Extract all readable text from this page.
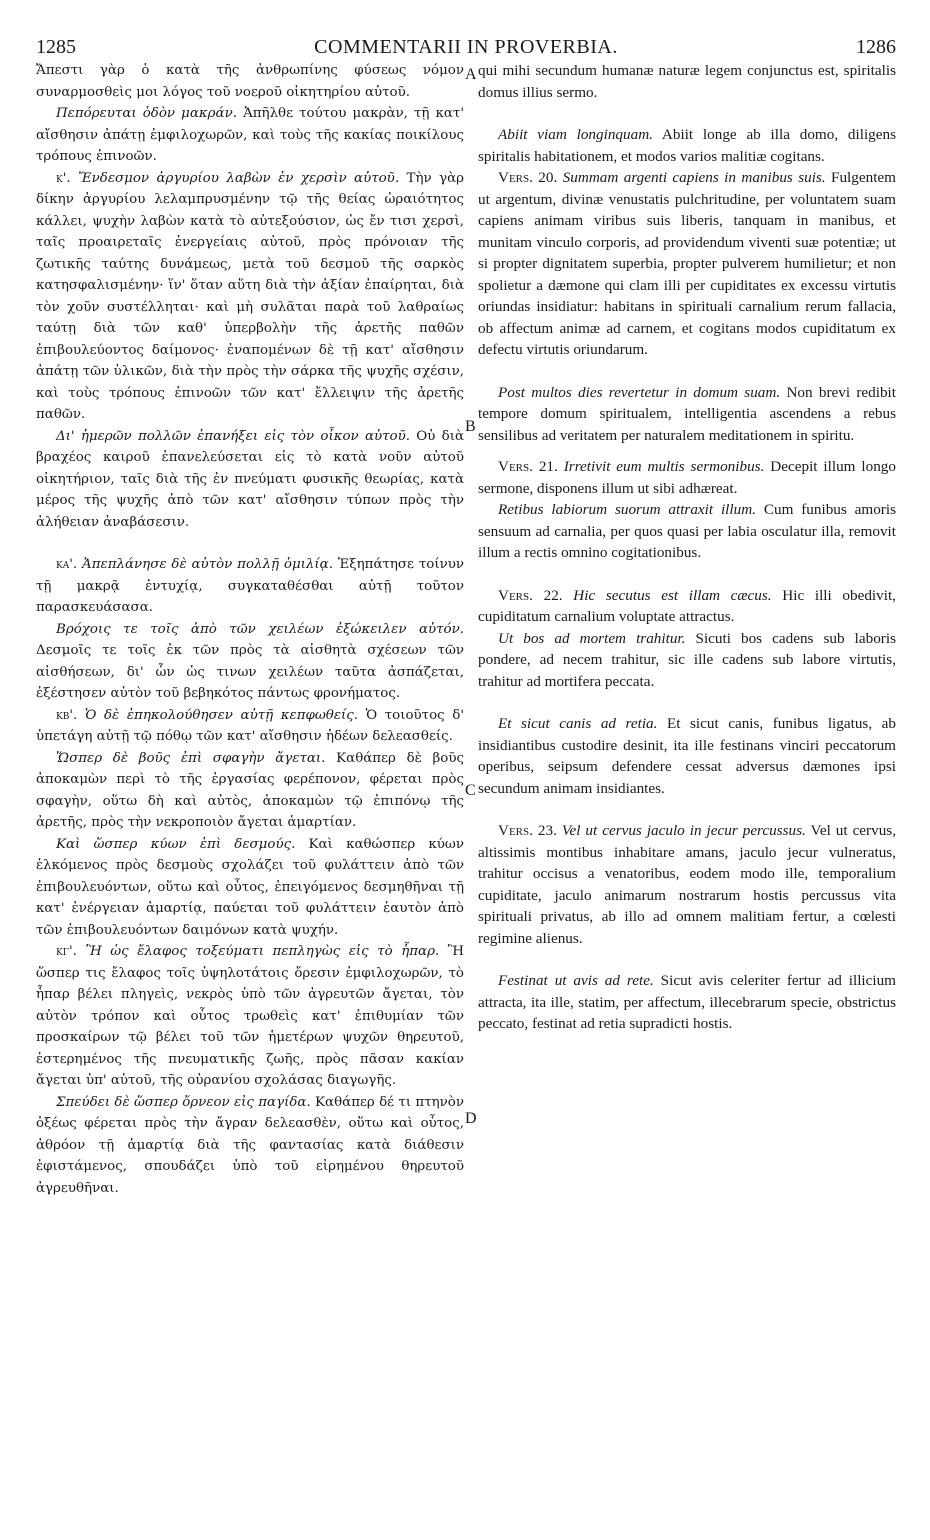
1285	COMMENTARII IN PROVERBIA.	1286

Ἄπεστι γὰρ ὁ κατὰ τῆς ἀνθρωπίνης φύσεως νόμον συναρμοσθεὶς μοι λόγος τοῦ νοεροῦ οἰκητηρίου αὐτοῦ.

Πεπόρευται ὁδὸν μακράν. Ἀπῆλθε τούτου μακρὰν, τῇ κατ' αἴσθησιν ἀπάτῃ ἐμφιλοχωρῶν, καὶ τοὺς τῆς κακίας ποικίλους τρόπους ἐπινοῶν.

κ'. Ἔνδεσμον ἀργυρίου λαβὼν ἐν χερσὶν αὐτοῦ. Τὴν γὰρ δίκην ἀργυρίου λελαμπρυσμένην τῷ τῆς θείας ὡραιότητος κάλλει, ψυχὴν λαβὼν κατὰ τὸ αὐτεξούσιον, ὡς ἔν τισι χερσὶ, ταῖς προαιρεταῖς ἐνεργείαις αὐτοῦ, πρὸς πρόνοιαν τῆς ζωτικῆς ταύτης δυνάμεως, μετὰ τοῦ δεσμοῦ τῆς σαρκὸς κατησφαλισμένην· ἵν' ὅταν αὕτη διὰ τὴν ἀξίαν ἐπαίρηται, διὰ τὸν χοῦν συστέλληται· καὶ μὴ συλᾶται παρὰ τοῦ λαθραίως ταύτῃ διὰ τῶν καθ' ὑπερβολὴν τῆς ἀρετῆς παθῶν ἐπιβουλεύοντος δαίμονος· ἐναπομένων δὲ τῇ κατ' αἴσθησιν ἀπάτῃ τῶν ὑλικῶν, διὰ τὴν πρὸς τὴν σάρκα τῆς ψυχῆς σχέσιν, καὶ τοὺς τρόπους ἐπινοῶν τῶν κατ' ἔλλειψιν τῆς ἀρετῆς παθῶν.

Δι' ἡμερῶν πολλῶν ἐπανήξει εἰς τὸν οἶκον αὐτοῦ. Οὐ διὰ βραχέος καιροῦ ἐπανελεύσεται εἰς τὸ κατὰ νοῦν αὐτοῦ οἰκητήριον, ταῖς διὰ τῆς ἐν πνεύματι φυσικῆς θεωρίας, κατὰ μέρος τῆς ψυχῆς ἀπὸ τῶν κατ' αἴσθησιν τύπων πρὸς τὴν ἀλήθειαν ἀναβάσεσιν.

κα'. Ἀπεπλάνησε δὲ αὐτὸν πολλῇ ὁμιλίᾳ. Ἐξηπάτησε τοίνυν τῇ μακρᾷ ἐντυχίᾳ, συγκαταθέσθαι αὐτῇ τοῦτον παρασκευάσασα.

Βρόχοις τε τοῖς ἀπὸ τῶν χειλέων ἐξώκειλεν αὐτόν. Δεσμοῖς τε τοῖς ἐκ τῶν πρὸς τὰ αἰσθητὰ σχέσεων τῶν αἰσθήσεων, δι' ὧν ὡς τινων χειλέων ταῦτα ἀσπάζεται, ἐξέστησεν αὐτὸν τοῦ βεβηκότος πάντως φρονήματος.

κβ'. Ὁ δὲ ἐπηκολούθησεν αὐτῇ κεπφωθείς. Ὁ τοιοῦτος δ' ὑπετάγη αὐτῇ τῷ πόθῳ τῶν κατ' αἴσθησιν ἡδέων δελεασθείς.

Ὥσπερ δὲ βοῦς ἐπὶ σφαγὴν ἄγεται. Καθάπερ δὲ βοῦς ἀποκαμὼν περὶ τὸ τῆς ἐργασίας φερέπονον, φέρεται πρὸς σφαγὴν, οὕτω δὴ καὶ αὐτὸς, ἀποκαμὼν τῷ ἐπιπόνῳ τῆς ἀρετῆς, πρὸς τὴν νεκροποιὸν ἄγεται ἁμαρτίαν.

Καὶ ὥσπερ κύων ἐπὶ δεσμούς. Καὶ καθώσπερ κύων ἑλκόμενος πρὸς δεσμοὺς σχολάζει τοῦ φυλάττειν ἀπὸ τῶν ἐπιβουλευόντων, οὕτω καὶ οὗτος, ἐπειγόμενος δεσμηθῆναι τῇ κατ' ἐνέργειαν ἁμαρτίᾳ, παύεται τοῦ φυλάττειν ἑαυτὸν ἀπὸ τῶν ἐπιβουλευόντων δαιμόνων κατὰ ψυχήν.

κγ'. Ἢ ὡς ἔλαφος τοξεύματι πεπληγὼς εἰς τὸ ἧπαρ. Ἢ ὥσπερ τις ἔλαφος τοῖς ὑψηλοτάτοις ὄρεσιν ἐμφιλοχωρῶν, τὸ ἧπαρ βέλει πληγεὶς, νεκρὸς ὑπὸ τῶν ἀγρευτῶν ἄγεται, τὸν αὐτὸν τρόπον καὶ οὗτος τρωθεὶς κατ' ἐπιθυμίαν τῶν προσκαίρων τῷ βέλει τοῦ τῶν ἡμετέρων ψυχῶν θηρευτοῦ, ἐστερημένος τῆς πνευματικῆς ζωῆς, πρὸς πᾶσαν κακίαν ἄγεται ὑπ' αὐτοῦ, τῆς οὐρανίου σχολάσας διαγωγῆς.

Σπεύδει δὲ ὥσπερ ὄρνεον εἰς παγίδα. Καθάπερ δέ τι πτηνὸν ὀξέως φέρεται πρὸς τὴν ἄγραν δελεασθὲν, οὕτω καὶ οὗτος, ἀθρόον τῇ ἁμαρτίᾳ διὰ τῆς φαντασίας κατὰ διάθεσιν ἐφιστάμενος, σπουδάζει ὑπὸ τοῦ εἰρημένου θηρευτοῦ ἀγρευθῆναι.

qui mihi secundum humanæ naturæ legem conjunctus est, spiritalis domus illius sermo.

Abiit viam longinquam. Abiit longe ab illa domo, diligens spiritalis habitationem, et modos varios malitiæ cogitans.

Vers. 20. Summam argenti capiens in manibus suis. Fulgentem ut argentum, divinæ venustatis pulchritudine, per voluntatem suam capiens animam viribus suis liberis, tanquam in manibus, et munitam vinculo corporis, ad providendum viventi suæ potentiæ; ut si propter dignitatem superbia, propter pulverem humilietur; et non spolietur a dæmone qui clam illi per cupiditates ex excessu virtutis oriundas insidiatur: habitans in spirituali carnalium rerum fallacia, ob affectum animæ ad carnem, et cogitans modos cupiditatum ex defectu virtutis oriundarum.

Post multos dies revertetur in domum suam. Non brevi redibit tempore domum spiritualem, intelligentia ascendens a rebus sensilibus ad veritatem per naturalem meditationem in spiritu.

Vers. 21. Irretivit eum multis sermonibus. Decepit illum longo sermone, disponens illum ut sibi adhæreat.

Retibus labiorum suorum attraxit illum. Cum funibus amoris sensuum ad carnalia, per quos quasi per labia osculatur illa, removit illum a rectis omnino cogitationibus.

Vers. 22. Hic secutus est illam cæcus. Hic illi obedivit, cupiditatum carnalium voluptate attractus.

Ut bos ad mortem trahitur. Sicuti bos cadens sub laboris pondere, ad necem trahitur, sic ille cadens sub labore virtutis, trahitur ad mortifera peccata.

Et sicut canis ad retia. Et sicut canis, funibus ligatus, ab insidiantibus custodire desinit, ita ille festinans vinciri peccatorum operibus, seipsum defendere cessat adversus dæmones ipsi secundum animam insidiantes.

Vers. 23. Vel ut cervus jaculo in jecur percussus. Vel ut cervus, altissimis montibus inhabitare amans, jaculo jecur vulneratus, trahitur occisus a venatoribus, eodem modo ille, temporalium cupiditate, jaculo animarum nostrarum hostis percussus vita spirituali privatus, ab illo ad omnem malitiam fertur, a cœlesti regimine alienus.

Festinat ut avis ad rete. Sicut avis celeriter fertur ad illicium attracta, ita ille, statim, per affectum, illecebrarum specie, obstrictus peccato, festinat ad retia supradicti hostis.

A
B
C
D
